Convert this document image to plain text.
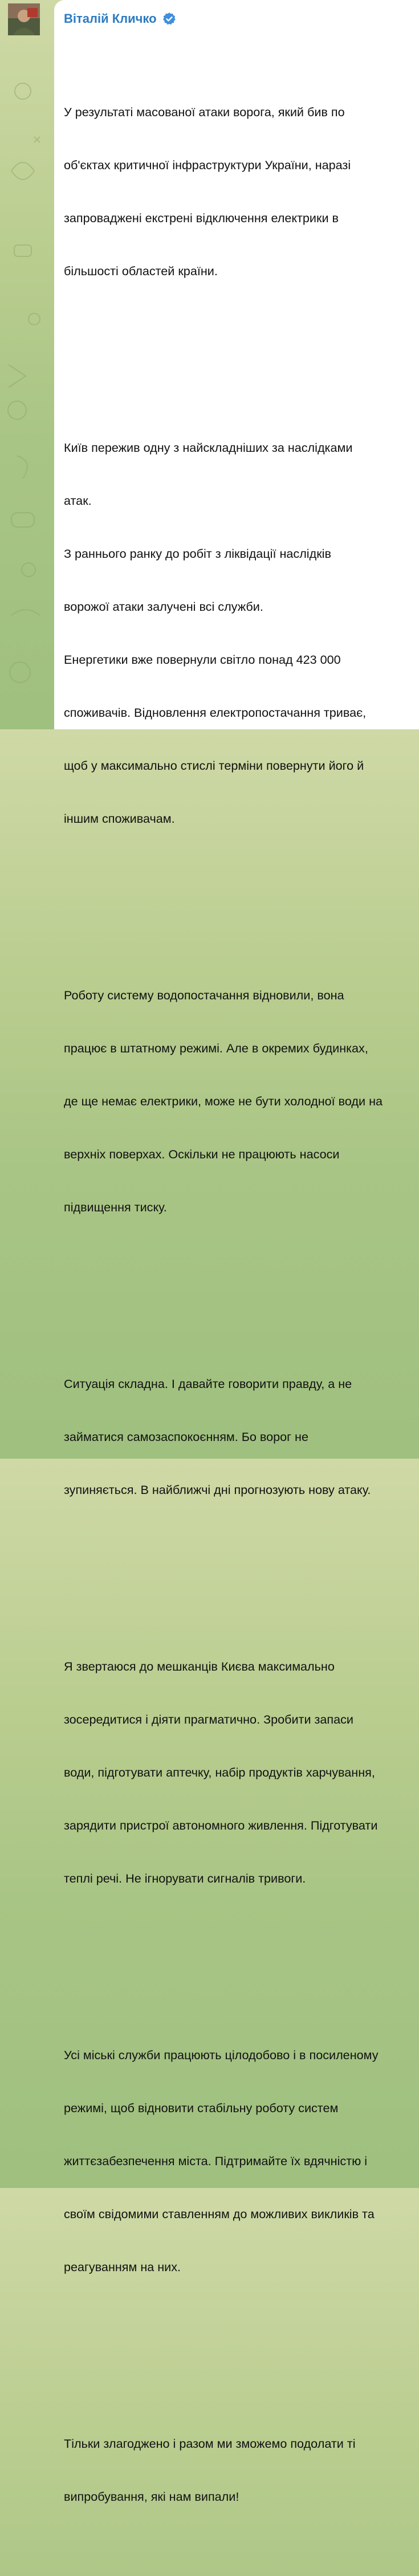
Віталій Кличко

У результаті масованої атаки ворога, який бив по

об'єктах критичної інфраструктури України, наразі

запроваджені екстрені відключення електрики в

більшості областей країни.

Київ пережив одну з найскладніших за наслідками

атак.

З раннього ранку до робіт з ліквідації наслідків

ворожої атаки залучені всі служби.

Енергетики вже повернули світло понад 423 000

споживачів. Відновлення електропостачання триває,

щоб у максимально стислі терміни повернути його й

іншим споживачам.

Роботу систему водопостачання відновили, вона

працює в штатному режимі. Але в окремих будинках,

де ще немає електрики, може не бути холодної води на

верхніх поверхах. Оскільки не працюють насоси

підвищення тиску.

Ситуація складна. І давайте говорити правду, а не

займатися самозаспокоєнням. Бо ворог не

зупиняється. В найближчі дні прогнозують нову атаку.

Я звертаюся до мешканців Києва максимально

зосередитися і діяти прагматично. Зробити запаси

води, підготувати аптечку, набір продуктів харчування,

зарядити пристрої автономного живлення. Підготувати

теплі речі. Не ігнорувати сигналів тривоги.

Усі міські служби працюють цілодобово і в посиленому

режимі, щоб відновити стабільну роботу систем

життєзабезпечення міста. Підтримайте їх вдячністю і

своїм свідомими ставленням до можливих викликів та

реагуванням на них.

Тільки злагоджено і разом ми зможемо подолати ті

випробування, які нам випали!
